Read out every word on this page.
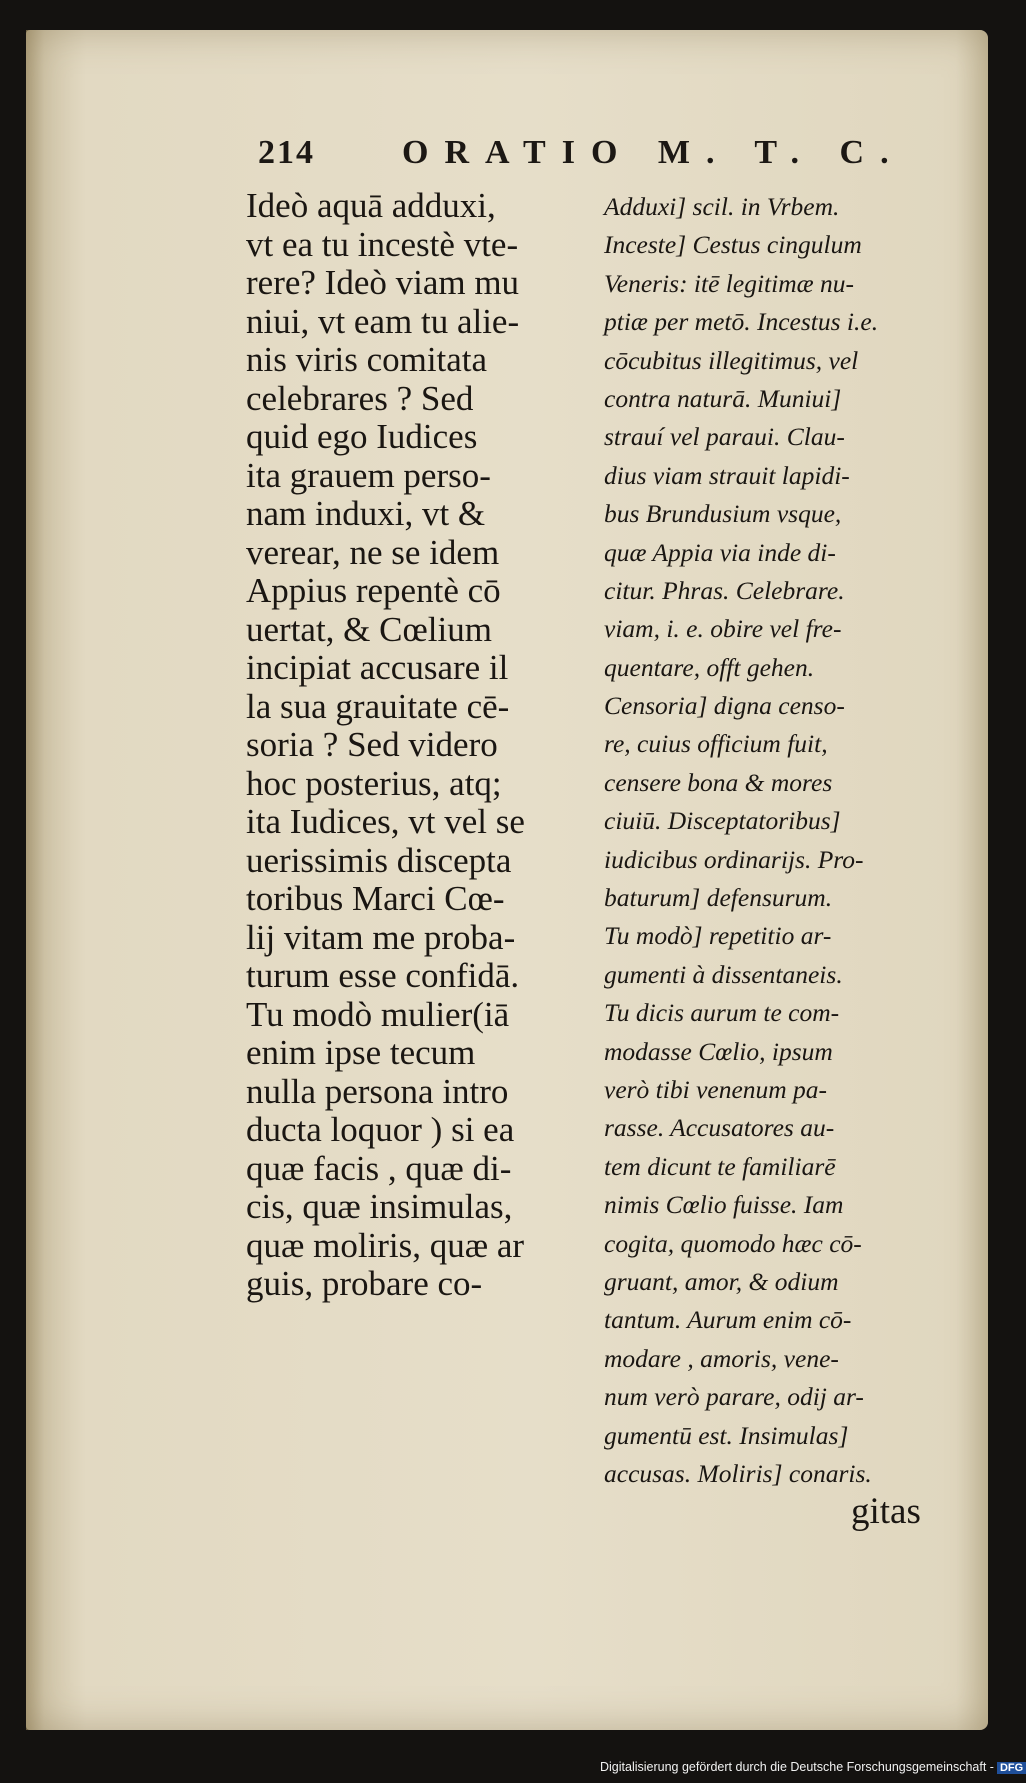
214	ORATIO M. T. C.
Ideò aquā adduxi,
vt ea tu incestè vte-
rere? Ideò viam mu
niui, vt eam tu alie-
nis viris comitata
celebrares ? Sed
quid ego Iudices
ita grauem perso-
nam induxi, vt &
verear, ne se idem
Appius repentè cō
uertat, & Cœlium
incipiat accusare il
la sua grauitate cē-
soria ? Sed videro
hoc posterius, atq;
ita Iudices, vt vel se
uerissimis discepta
toribus Marci Cœ-
lij vitam me proba-
turum esse confidā.
Tu modò mulier(iā
enim ipse tecum
nulla persona intro
ducta loquor ) si ea
quæ facis , quæ di-
cis, quæ insimulas,
quæ moliris, quæ ar
guis, probare co-
Adduxi] scil. in Vrbem.
Inceste] Cestus cingulum
Veneris: itē legitimæ nu-
ptiæ per metō. Incestus i.e.
cōcubitus illegitimus, vel
contra naturā. Muniui]
strauí vel paraui. Clau-
dius viam strauit lapidi-
bus Brundusium vsque,
quæ Appia via inde di-
citur. Phras. Celebrare.
viam, i. e. obire vel fre-
quentare, offt gehen.
Censoria] digna censo-
re, cuius officium fuit,
censere bona & mores
ciuiū. Disceptatoribus]
iudicibus ordinarijs. Pro-
baturum] defensurum.
Tu modò] repetitio ar-
gumenti à dissentaneis.
Tu dicis aurum te com-
modasse Cœlio, ipsum
verò tibi venenum pa-
rasse. Accusatores au-
tem dicunt te familiarē
nimis Cœlio fuisse. Iam
cogita, quomodo hæc cō-
gruant, amor, & odium
tantum. Aurum enim cō-
modare , amoris, vene-
num verò parare, odij ar-
gumentū est. Insimulas]
accusas. Moliris] conaris.
gitas
Digitalisierung gefördert durch die Deutsche Forschungsgemeinschaft - DFG
